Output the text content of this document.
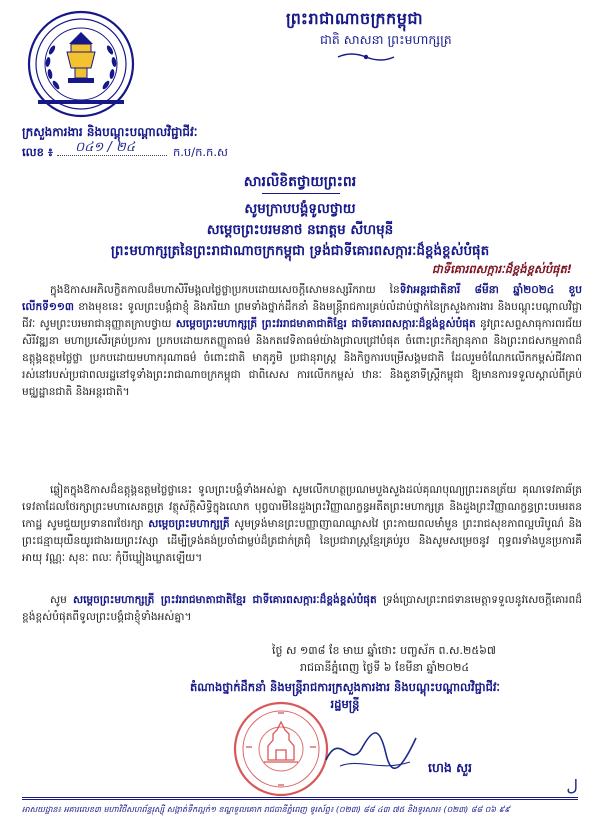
ព្រះរាជាណាចក្រកម្ពុជា
ជាតិ សាសនា ព្រះមហាក្សត្រ
ក្រសួងការងារ និងបណ្តុះបណ្តាលវិជ្ជាជីវៈ
លេខ ៖ ០៤១ / ២៤	ក.ប/ក.ក.ស
សារលិខិតថ្វាយព្រះពរ
សូមក្រាបបង្គំទូលថ្វាយ
សម្តេចព្រះបរមនាថ នរោត្តម សីហមុនី
ព្រះមហាក្សត្រនៃព្រះរាជាណាចក្រកម្ពុជា ទ្រង់ជាទីគោរពសក្ការៈដ៏ខ្ពង់ខ្ពស់បំផុត
ជាទីគោរពសក្ការៈដ៏ខ្ពង់ខ្ពស់បំផុត!
ក្នុងឱកាសអភិលក្ខិតកាលដ៏មហាសិរីមង្គលថ្លៃថ្លាប្រកបដោយសេចក្តីសោមនស្សរីករាយ នៃទិវាអន្តរជាតិនារី ៨មីនា ឆ្នាំ២០២៤ ខួបលើកទី១១៣ ខាងមុខនេះ ទូលព្រះបង្គំជាខ្ញុំ និងភរិយា ព្រមទាំងថ្នាក់ដឹកនាំ និងមន្ត្រីរាជការគ្រប់លំដាប់ថ្នាក់នៃក្រសួងការងារ និងបណ្តុះបណ្តាលវិជ្ជាជីវៈ សូមព្រះបរមរាជានុញ្ញាតក្រាបថ្វាយ សម្តេចព្រះមហាក្សត្រី ព្រះវររាជមាតាជាតិខ្មែរ ជាទីគោរពសក្ការៈដ៏ខ្ពង់ខ្ពស់បំផុត នូវព្រះសព្ទសាធុការពរជ័យ សិរីវឌ្ឍនា មហាប្រសើរគ្រប់ប្រការ ប្រកបដោយកតញ្ញូតាធម៌ និងកតវេទិតាធម៌យ៉ាងជ្រាលជ្រៅបំផុត ចំពោះព្រះកិត្យានុភាព និងព្រះរាជសកម្មភាពដ៏ឧត្តុង្គឧត្តមថ្លៃថ្លា ប្រកបដោយមហាករុណាធម៌ ចំពោះជាតិ មាតុភូមិ ប្រជានុរាស្ត្រ និងកិច្ចការបម្រើសង្គមជាតិ ដែលរួមចំណែកលើកកម្ពស់ជីវភាពរស់នៅរបស់ប្រជាពលរដ្ឋនៅទូទាំងព្រះរាជាណាចក្រកម្ពុជា ជាពិសេស ការលើកកម្ពស់ ឋានៈ និងតួនាទីស្ត្រីកម្ពុជា ឱ្យមានការទទួលស្គាល់ពីគ្រប់មជ្ឈដ្ឋានជាតិ និងអន្តរជាតិ។
ឆ្លៀតក្នុងឱកាសដ៏ឧត្តុង្គឧត្តមថ្លៃថ្លានេះ ទូលព្រះបង្គំទាំងអស់គ្នា សូមលើកហត្ថប្រណមបួងសួងដល់គុណបុណ្យព្រះរតនត្រ័យ គុណទេវតាឆ័ត្រ ទេវតាដែលថែរក្សាព្រះមហាសេតច្ឆត្រ វត្ថុស័ក្តិសិទ្ធិក្នុងលោក បុព្វបារមីនៃដួងព្រះវិញ្ញាណក្ខន្ធអតីតព្រះមហាក្សត្រ និងដួងព្រះវិញ្ញាណក្ខន្ធព្រះបរមរតនកោដ្ឋ សូមជួយប្រទានពរថែរក្សា សម្តេចព្រះមហាក្សត្រី សូមទ្រង់មានព្រះបញ្ញាញាណឈ្លាសវៃ ព្រះកាយពលមាំមួន ព្រះរាជសុខភាពល្អបរិបូណ៌ និងព្រះជន្មាយុយឺនយូរជាងរយព្រះវស្សា ដើម្បីទ្រង់គង់ប្រចាំជាម្លប់ដ៏ត្រជាក់ត្រជុំ នៃប្រជារាស្ត្រខ្មែរគ្រប់រូប និងសូមសម្រេចនូវ ពុទ្ធពរទាំងបួនប្រការគឺ អាយុ វណ្ណៈ សុខៈ ពលៈ កុំបីឃ្លៀងឃ្លាតឡើយ។
សូម សម្តេចព្រះមហាក្សត្រី ព្រះវររាជមាតាជាតិខ្មែរ ជាទីគោរពសក្ការៈដ៏ខ្ពង់ខ្ពស់បំផុត ទ្រង់ប្រោសព្រះរាជទានមេត្តាទទួលនូវសេចក្តីគោរពដ៏ខ្ពង់ខ្ពស់បំផុតពីទូលព្រះបង្គំជាខ្ញុំទាំងអស់គ្នា។
ថ្ងៃ ស ១៣៨ ខែ មាឃ ឆ្នាំថោះ បញ្ចស័ក ព.ស.២៥៦៧
រាជធានីភ្នំពេញ ថ្ងៃទី ៦ ខែមីនា ឆ្នាំ២០២៤
តំណាងថ្នាក់ដឹកនាំ និងមន្ត្រីរាជការក្រសួងការងារ និងបណ្តុះបណ្តាលវិជ្ជាជីវៈ
រដ្ឋមន្ត្រី
ហេង សួរ
ل
អាសយដ្ឋាន៖ អគារលេខ៣ មហាវិថីសហព័ន្ធរុស្ស៊ី សង្កាត់ទឹកល្អក់១ ខណ្ឌទួលគោក រាជធានីភ្នំពេញ ទូរស័ព្ទ៖ (០២៣) ៨៨ ៤៣ ៧៥ និងទូរសារ៖ (០២៣) ៨៨ ០៦ ៩៩
